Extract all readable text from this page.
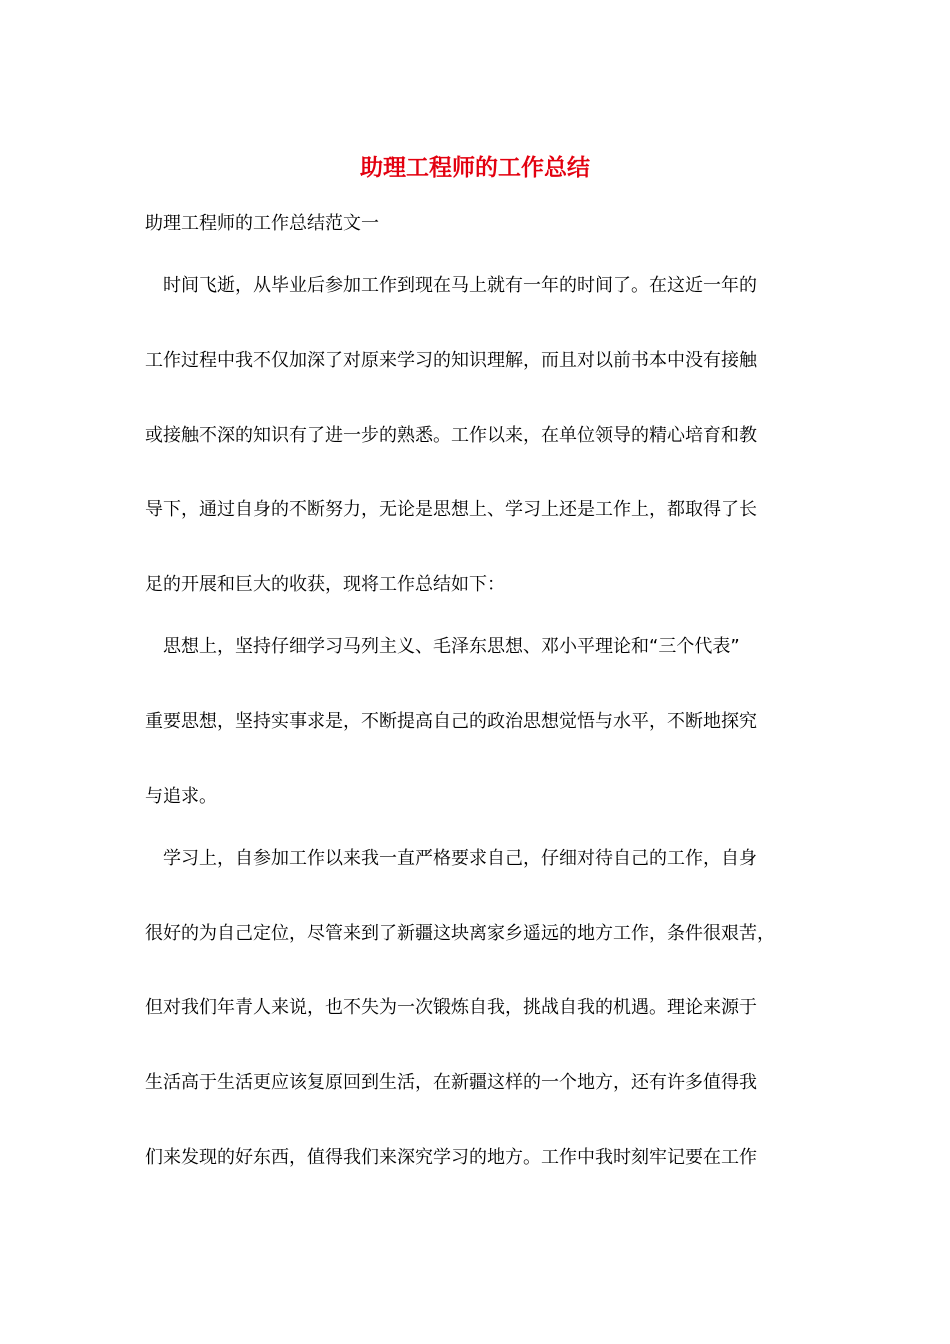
助理工程师的工作总结
助理工程师的工作总结范文一
时间飞逝，从毕业后参加工作到现在马上就有一年的时间了。在这近一年的
工作过程中我不仅加深了对原来学习的知识理解，而且对以前书本中没有接触
或接触不深的知识有了进一步的熟悉。工作以来，在单位领导的精心培育和教
导下，通过自身的不断努力，无论是思想上、学习上还是工作上，都取得了长
足的开展和巨大的收获，现将工作总结如下：
思想上，坚持仔细学习马列主义、毛泽东思想、邓小平理论和“三个代表”
重要思想，坚持实事求是，不断提高自己的政治思想觉悟与水平，不断地探究
与追求。
学习上，自参加工作以来我一直严格要求自己，仔细对待自己的工作，自身
很好的为自己定位，尽管来到了新疆这块离家乡遥远的地方工作，条件很艰苦，
但对我们年青人来说，也不失为一次锻炼自我，挑战自我的机遇。理论来源于
生活高于生活更应该复原回到生活，在新疆这样的一个地方，还有许多值得我
们来发现的好东西，值得我们来深究学习的地方。工作中我时刻牢记要在工作
